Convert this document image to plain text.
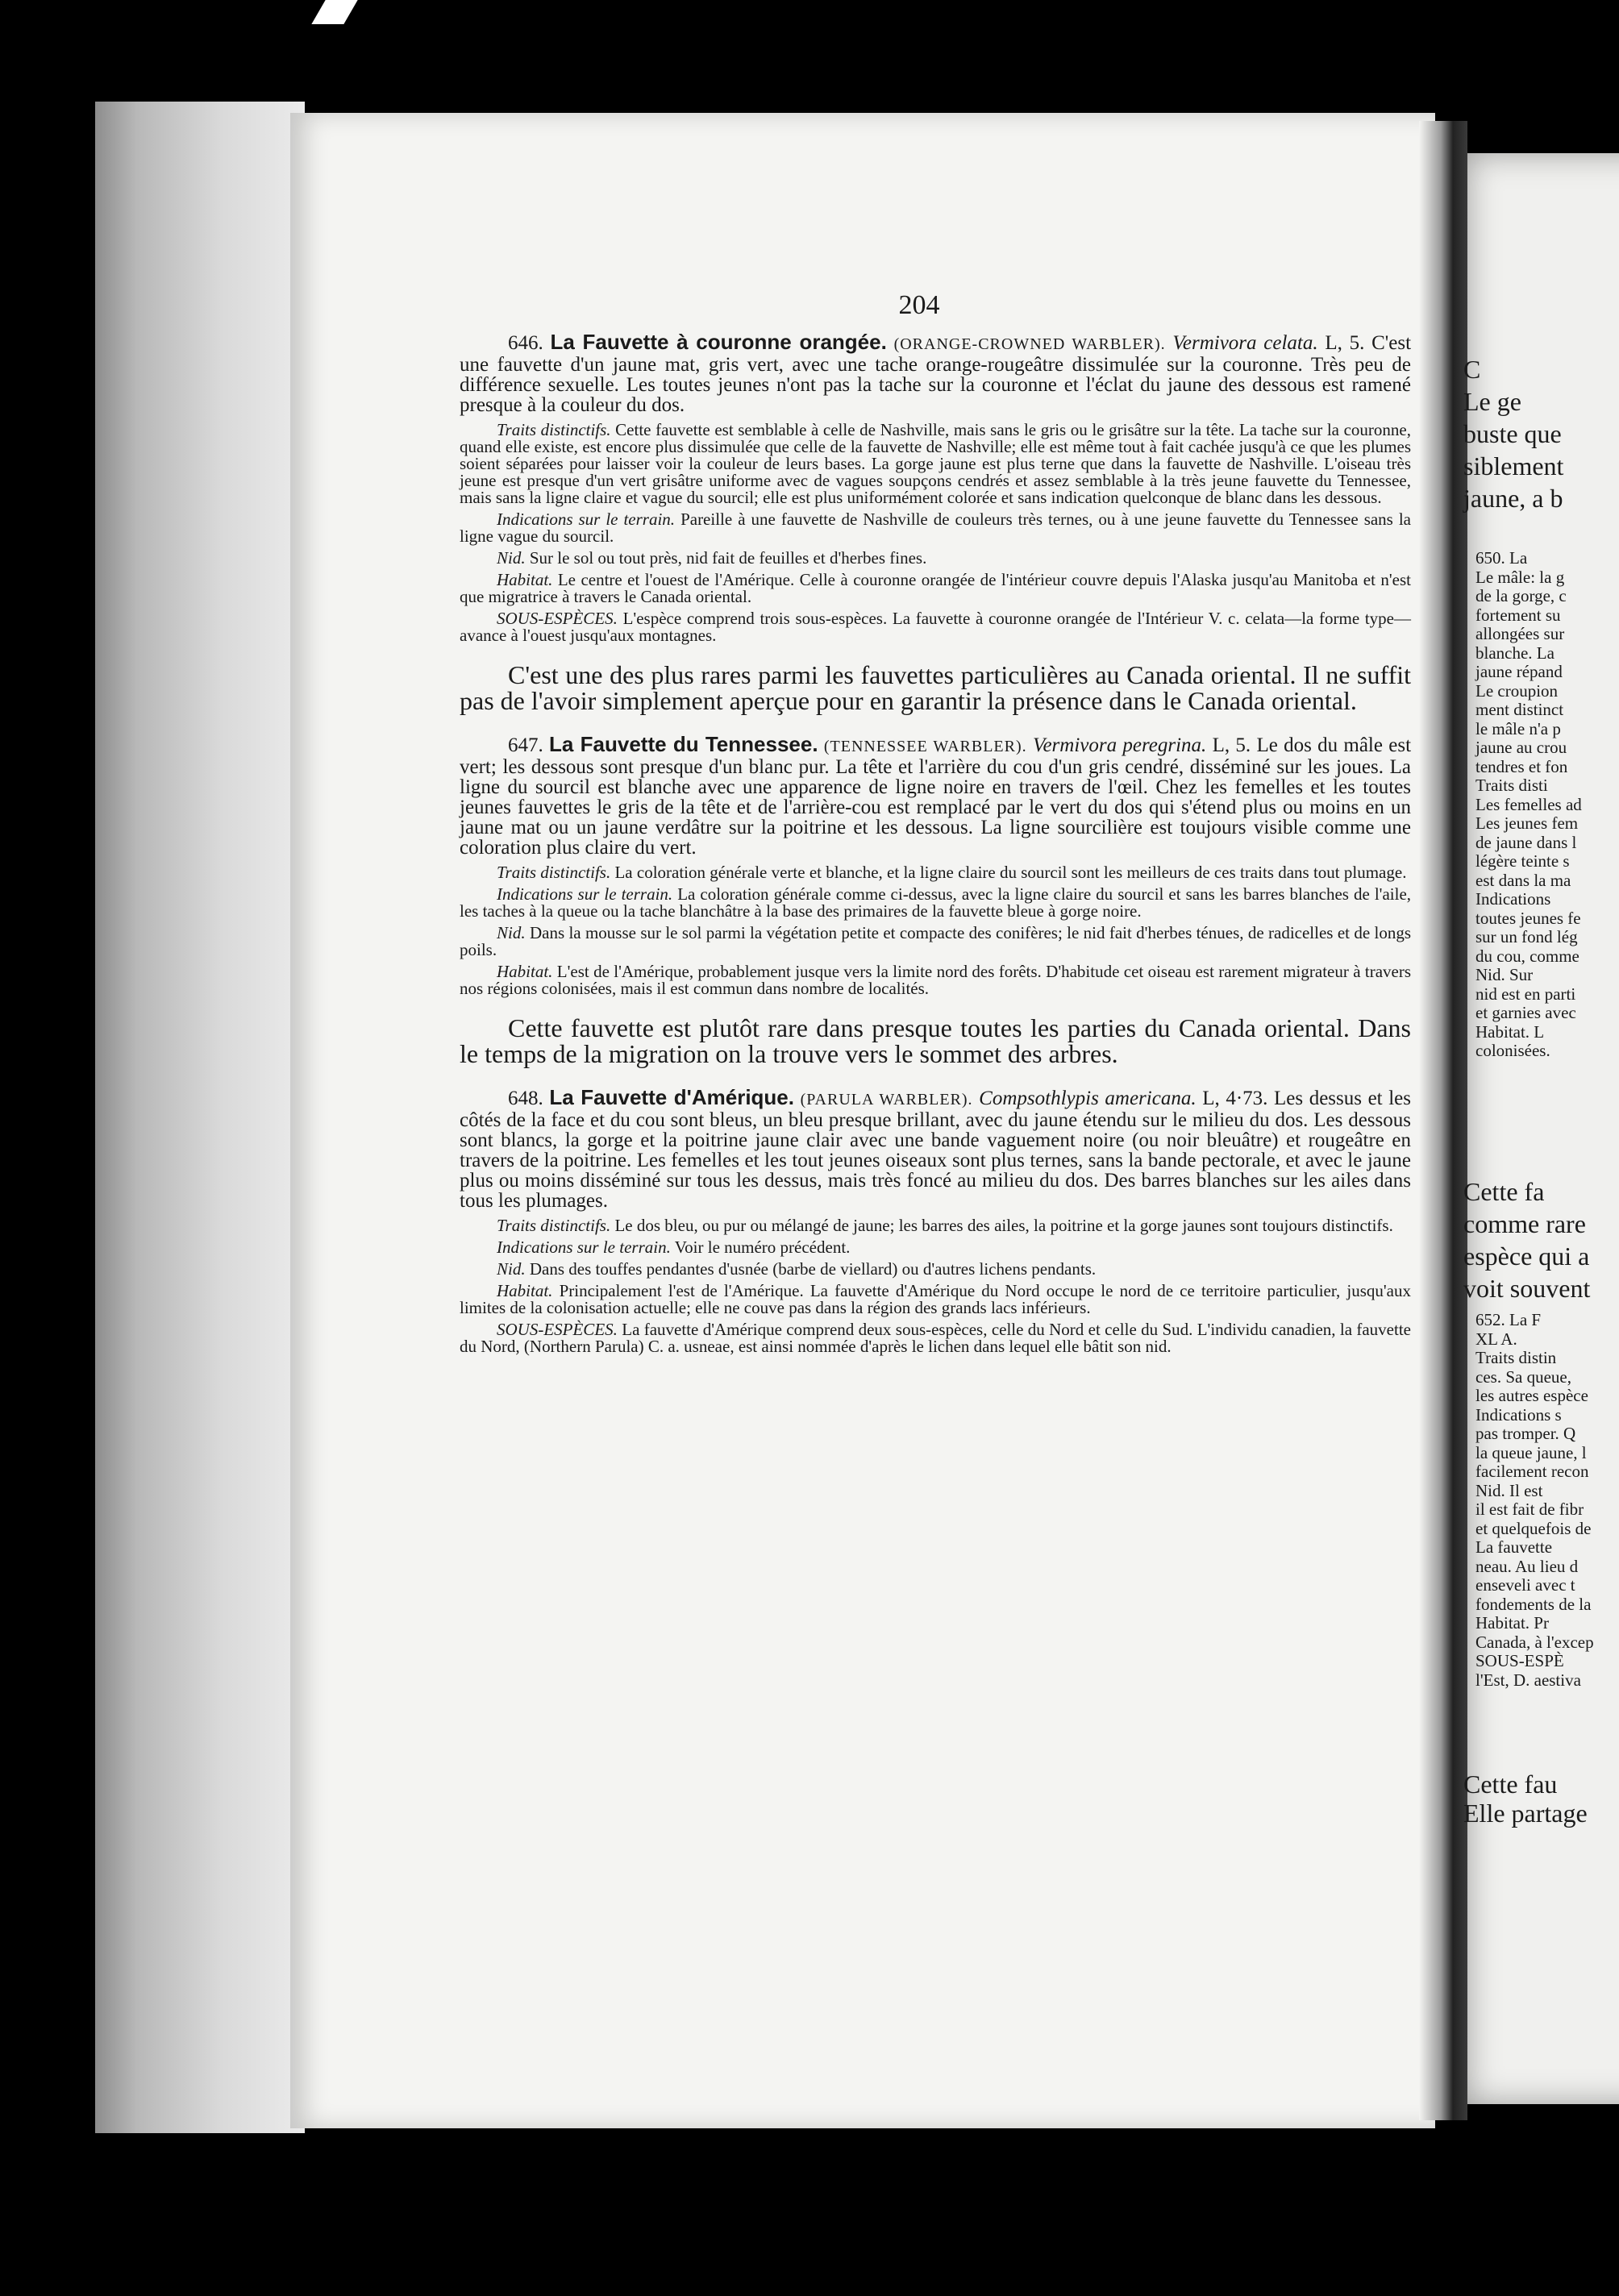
204
646. La Fauvette à couronne orangée. (ORANGE-CROWNED WARBLER). Vermivora celata. L, 5. C'est une fauvette d'un jaune mat, gris vert, avec une tache orange-rougeâtre dissimulée sur la couronne. Très peu de différence sexuelle. Les toutes jeunes n'ont pas la tache sur la couronne et l'éclat du jaune des dessous est ramené presque à la couleur du dos.
Traits distinctifs. Cette fauvette est semblable à celle de Nashville, mais sans le gris ou le grisâtre sur la tête. La tache sur la couronne, quand elle existe, est encore plus dissimulée que celle de la fauvette de Nashville; elle est même tout à fait cachée jusqu'à ce que les plumes soient séparées pour laisser voir la couleur de leurs bases. La gorge jaune est plus terne que dans la fauvette de Nashville. L'oiseau très jeune est presque d'un vert grisâtre uniforme avec de vagues soupçons cendrés et assez semblable à la très jeune fauvette du Tennessee, mais sans la ligne claire et vague du sourcil; elle est plus uniformément colorée et sans indication quelconque de blanc dans les dessous.
Indications sur le terrain. Pareille à une fauvette de Nashville de couleurs très ternes, ou à une jeune fauvette du Tennessee sans la ligne vague du sourcil.
Nid. Sur le sol ou tout près, nid fait de feuilles et d'herbes fines.
Habitat. Le centre et l'ouest de l'Amérique. Celle à couronne orangée de l'intérieur couvre depuis l'Alaska jusqu'au Manitoba et n'est que migratrice à travers le Canada oriental.
SOUS-ESPÈCES. L'espèce comprend trois sous-espèces. La fauvette à couronne orangée de l'Intérieur V. c. celata—la forme type—avance à l'ouest jusqu'aux montagnes.
C'est une des plus rares parmi les fauvettes particulières au Canada oriental. Il ne suffit pas de l'avoir simplement aperçue pour en garantir la présence dans le Canada oriental.
647. La Fauvette du Tennessee. (TENNESSEE WARBLER). Vermivora peregrina. L, 5. Le dos du mâle est vert; les dessous sont presque d'un blanc pur. La tête et l'arrière du cou d'un gris cendré, disséminé sur les joues. La ligne du sourcil est blanche avec une apparence de ligne noire en travers de l'œil. Chez les femelles et les toutes jeunes fauvettes le gris de la tête et de l'arrière-cou est remplacé par le vert du dos qui s'étend plus ou moins en un jaune mat ou un jaune verdâtre sur la poitrine et les dessous. La ligne sourcilière est toujours visible comme une coloration plus claire du vert.
Traits distinctifs. La coloration générale verte et blanche, et la ligne claire du sourcil sont les meilleurs de ces traits dans tout plumage.
Indications sur le terrain. La coloration générale comme ci-dessus, avec la ligne claire du sourcil et sans les barres blanches de l'aile, les taches à la queue ou la tache blanchâtre à la base des primaires de la fauvette bleue à gorge noire.
Nid. Dans la mousse sur le sol parmi la végétation petite et compacte des conifères; le nid fait d'herbes ténues, de radicelles et de longs poils.
Habitat. L'est de l'Amérique, probablement jusque vers la limite nord des forêts. D'habitude cet oiseau est rarement migrateur à travers nos régions colonisées, mais il est commun dans nombre de localités.
Cette fauvette est plutôt rare dans presque toutes les parties du Canada oriental. Dans le temps de la migration on la trouve vers le sommet des arbres.
648. La Fauvette d'Amérique. (PARULA WARBLER). Compsothlypis americana. L, 4·73. Les dessus et les côtés de la face et du cou sont bleus, un bleu presque brillant, avec du jaune étendu sur le milieu du dos. Les dessous sont blancs, la gorge et la poitrine jaune clair avec une bande vaguement noire (ou noir bleuâtre) et rougeâtre en travers de la poitrine. Les femelles et les tout jeunes oiseaux sont plus ternes, sans la bande pectorale, et avec le jaune plus ou moins disséminé sur tous les dessus, mais très foncé au milieu du dos. Des barres blanches sur les ailes dans tous les plumages.
Traits distinctifs. Le dos bleu, ou pur ou mélangé de jaune; les barres des ailes, la poitrine et la gorge jaunes sont toujours distinctifs.
Indications sur le terrain. Voir le numéro précédent.
Nid. Dans des touffes pendantes d'usnée (barbe de viellard) ou d'autres lichens pendants.
Habitat. Principalement l'est de l'Amérique. La fauvette d'Amérique du Nord occupe le nord de ce territoire particulier, jusqu'aux limites de la colonisation actuelle; elle ne couve pas dans la région des grands lacs inférieurs.
SOUS-ESPÈCES. La fauvette d'Amérique comprend deux sous-espèces, celle du Nord et celle du Sud. L'individu canadien, la fauvette du Nord, (Northern Parula) C. a. usneae, est ainsi nommée d'après le lichen dans lequel elle bâtit son nid.
C
Le ge
buste que
siblement
jaune, a b
650. La
Le mâle: la g
de la gorge, c
fortement su
allongées sur
blanche. La
jaune répand
Le croupion
ment distinct
le mâle n'a p
jaune au crou
tendres et fon
Traits disti
Les femelles ad
Les jeunes fem
de jaune dans l
légère teinte s
est dans la ma
Indications
toutes jeunes fe
sur un fond lég
du cou, comme
Nid. Sur
nid est en parti
et garnies avec
Habitat. L
colonisées.
Cette fa
comme rare
espèce qui a
voit souvent
652. La F
XL A.
Traits distin
ces. Sa queue,
les autres espèce
Indications s
pas tromper. Q
la queue jaune, l
facilement recon
Nid. Il est
il est fait de fibr
et quelquefois de
La fauvette
neau. Au lieu d
enseveli avec t
fondements de la
Habitat. Pr
Canada, à l'excep
SOUS-ESPÈ
l'Est, D. aestiva
Cette fau
Elle partage
